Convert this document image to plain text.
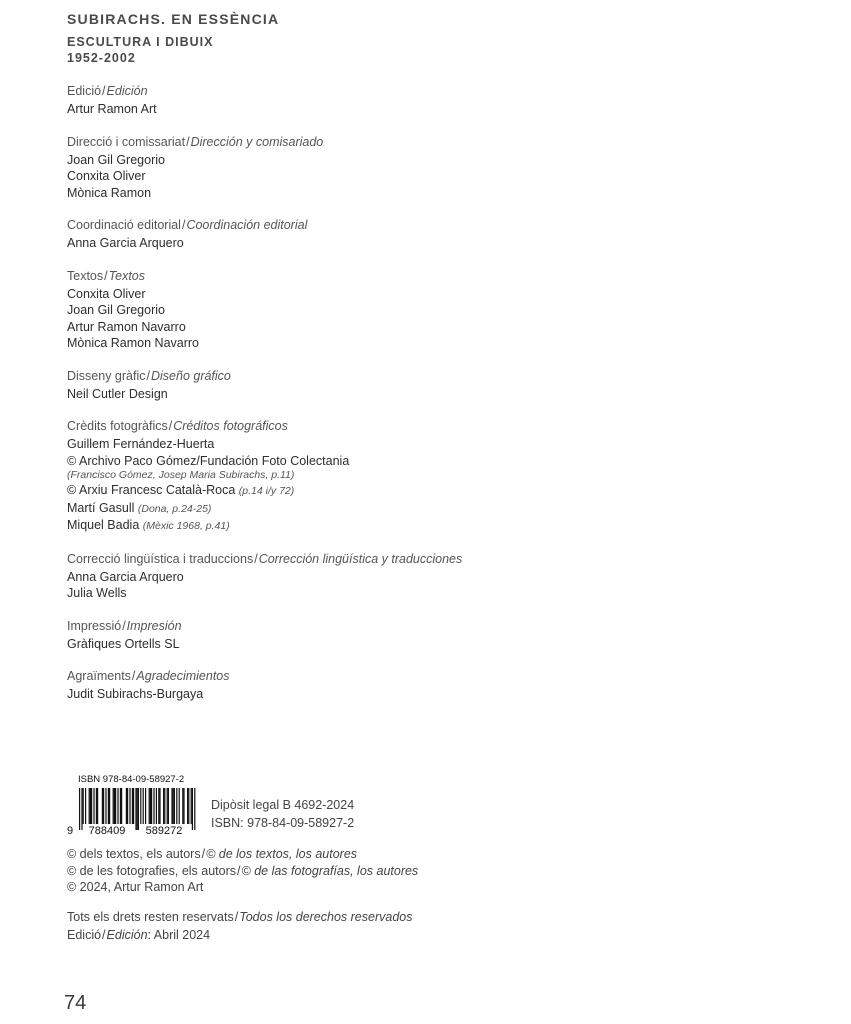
SUBIRACHS. EN ESSÈNCIA

ESCULTURA I DIBUIX

1952-2002

Edició/Edición
Artur Ramon Art
Direcció i comissariat/Dirección y comisariado
Joan Gil Gregorio
Conxita Oliver
Mònica Ramon
Coordinació editorial/Coordinación editorial
Anna Garcia Arquero
Textos/Textos
Conxita Oliver
Joan Gil Gregorio
Artur Ramon Navarro
Mònica Ramon Navarro
Disseny gràfic/Diseño gráfico
Neil Cutler Design
Crèdits fotogràfics/Créditos fotográficos
Guillem Fernández-Huerta
© Archivo Paco Gómez/Fundación Foto Colectania
(Francisco Gómez, Josep Maria Subirachs, p.11)
© Arxiu Francesc Català-Roca (p.14 i/y 72)
Martí Gasull (Dona, p.24-25)
Miquel Badia (Mèxic 1968, p.41)
Correcció lingüística i traduccions/Corrección lingüística y traducciones
Anna Garcia Arquero
Julia Wells
Impressió/Impresión
Gràfiques Ortells SL
Agraïments/Agradecimientos
Judit Subirachs-Burgaya
ISBN 978-84-09-58927-2
9 788409 589272
Dipòsit legal B 4692-2024
ISBN: 978-84-09-58927-2
© dels textos, els autors/© de los textos, los autores
© de les fotografies, els autors/© de las fotografías, los autores
© 2024, Artur Ramon Art
Tots els drets resten reservats/Todos los derechos reservados
Edició/Edición: Abril 2024
74
